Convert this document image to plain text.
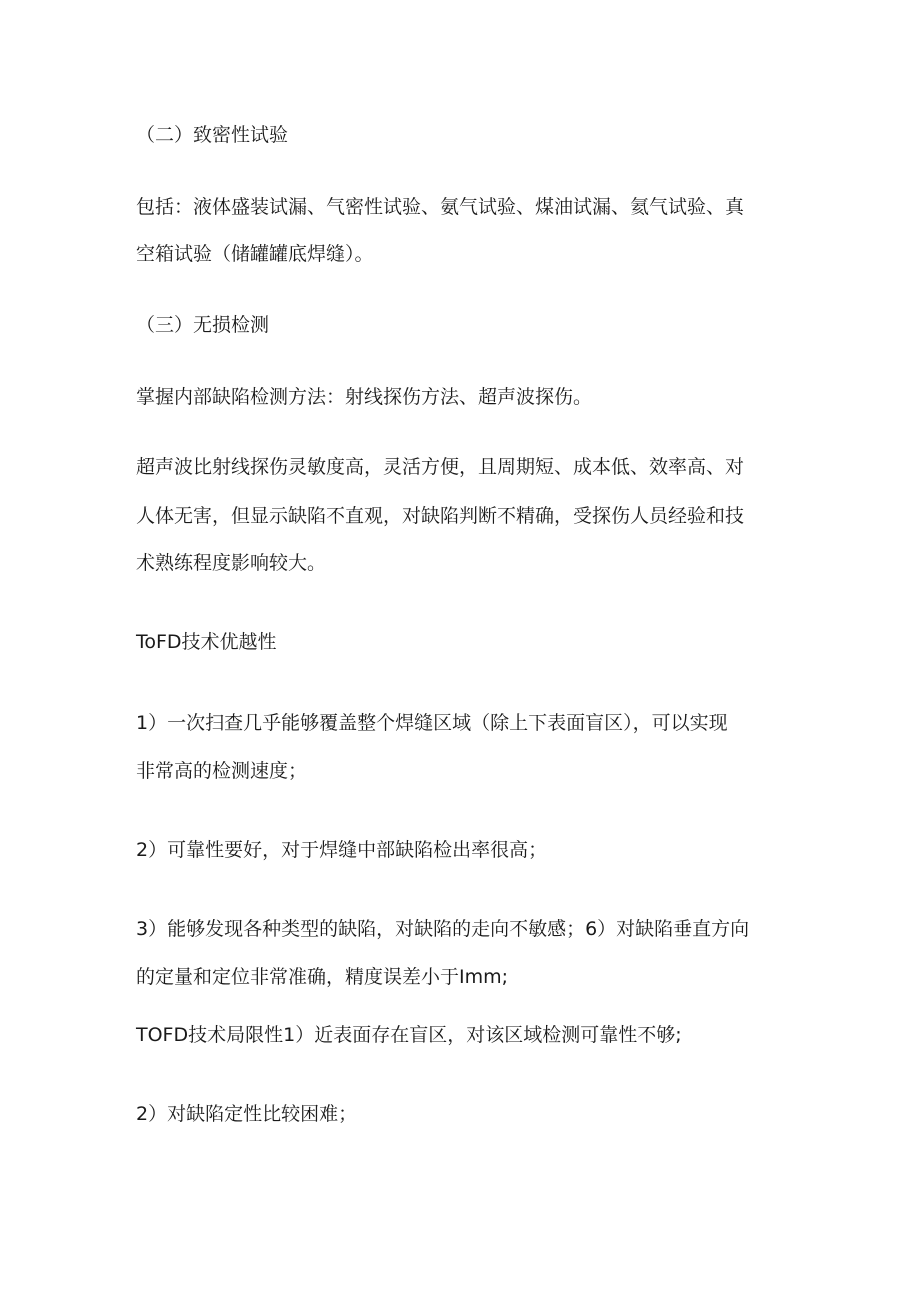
（二）致密性试验

包括：液体盛装试漏、气密性试验、氨气试验、煤油试漏、氦气试验、真

空箱试验（储罐罐底焊缝）。

（三）无损检测

掌握内部缺陷检测方法：射线探伤方法、超声波探伤。

超声波比射线探伤灵敏度高，灵活方便，且周期短、成本低、效率高、对

人体无害，但显示缺陷不直观，对缺陷判断不精确，受探伤人员经验和技

术熟练程度影响较大。

ToFD技术优越性

1）一次扫查几乎能够覆盖整个焊缝区域（除上下表面盲区），可以实现

非常高的检测速度；

2）可靠性要好，对于焊缝中部缺陷检出率很高；

3）能够发现各种类型的缺陷，对缺陷的走向不敏感；6）对缺陷垂直方向

的定量和定位非常准确，精度误差小于Imm;

TOFD技术局限性1）近表面存在盲区，对该区域检测可靠性不够;

2）对缺陷定性比较困难；
